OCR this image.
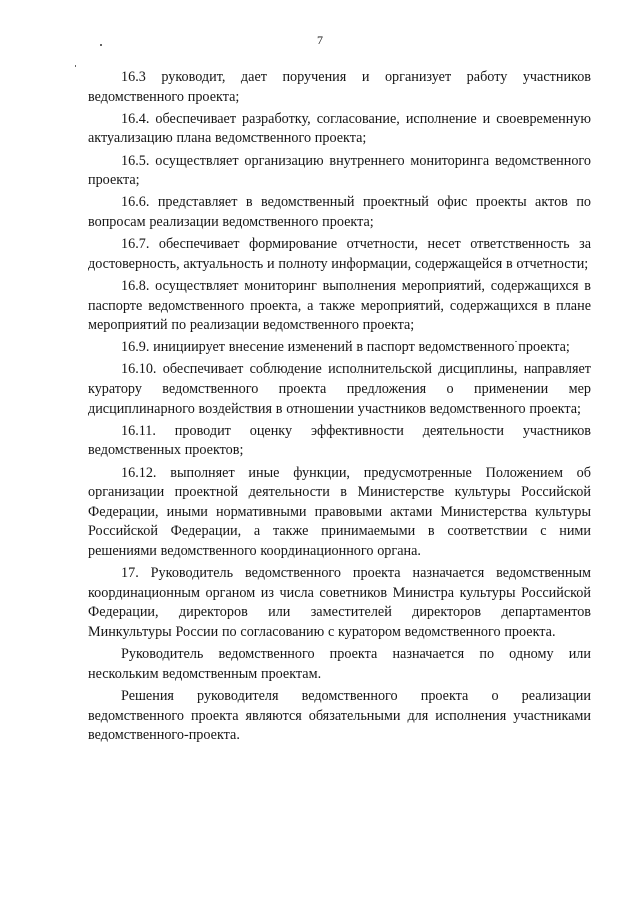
7

16.3 руководит, дает поручения и организует работу участников ведомственного проекта;

16.4. обеспечивает разработку, согласование, исполнение и своевременную актуализацию плана ведомственного проекта;

16.5. осуществляет организацию внутреннего мониторинга ведомственного проекта;

16.6. представляет в ведомственный проектный офис проекты актов по вопросам реализации ведомственного проекта;

16.7. обеспечивает формирование отчетности, несет ответственность за достоверность, актуальность и полноту информации, содержащейся в отчетности;

16.8. осуществляет мониторинг выполнения мероприятий, содержащихся в паспорте ведомственного проекта, а также мероприятий, содержащихся в плане мероприятий по реализации ведомственного проекта;

16.9. инициирует внесение изменений в паспорт ведомственного проекта;

16.10. обеспечивает соблюдение исполнительской дисциплины, направляет куратору ведомственного проекта предложения о применении мер дисциплинарного воздействия в отношении участников ведомственного проекта;

16.11. проводит оценку эффективности деятельности участников ведомственных проектов;

16.12. выполняет иные функции, предусмотренные Положением об организации проектной деятельности в Министерстве культуры Российской Федерации, иными нормативными правовыми актами Министерства культуры Российской Федерации, а также принимаемыми в соответствии с ними решениями ведомственного координационного органа.

17. Руководитель ведомственного проекта назначается ведомственным координационным органом из числа советников Министра культуры Российской Федерации, директоров или заместителей директоров департаментов Минкультуры России по согласованию с куратором ведомственного проекта.

Руководитель ведомственного проекта назначается по одному или нескольким ведомственным проектам.

Решения руководителя ведомственного проекта о реализации ведомственного проекта являются обязательными для исполнения участниками ведомственного-проекта.
